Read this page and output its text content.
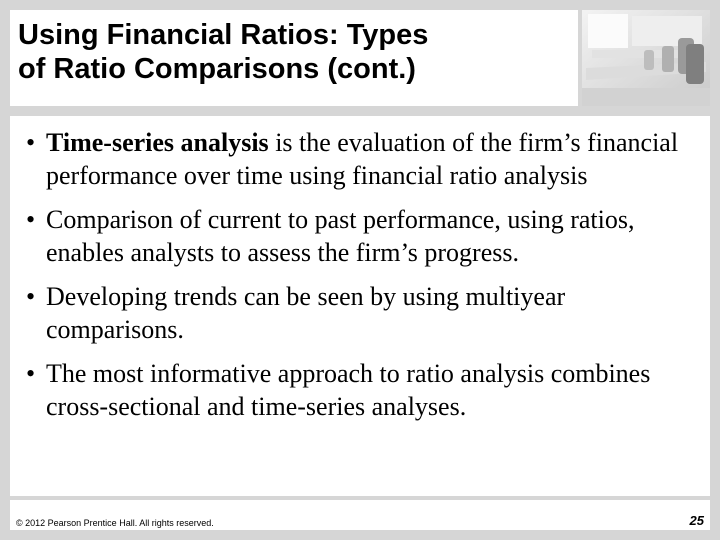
Using Financial Ratios: Types
of Ratio Comparisons (cont.)
• Time-series analysis is the evaluation of the firm’s financial performance over time using financial ratio analysis
• Comparison of current to past performance, using ratios, enables analysts to assess the firm’s progress.
• Developing trends can be seen by using multiyear comparisons.
• The most informative approach to ratio analysis combines cross-sectional and time-series analyses.
© 2012 Pearson Prentice Hall. All rights reserved.	25
